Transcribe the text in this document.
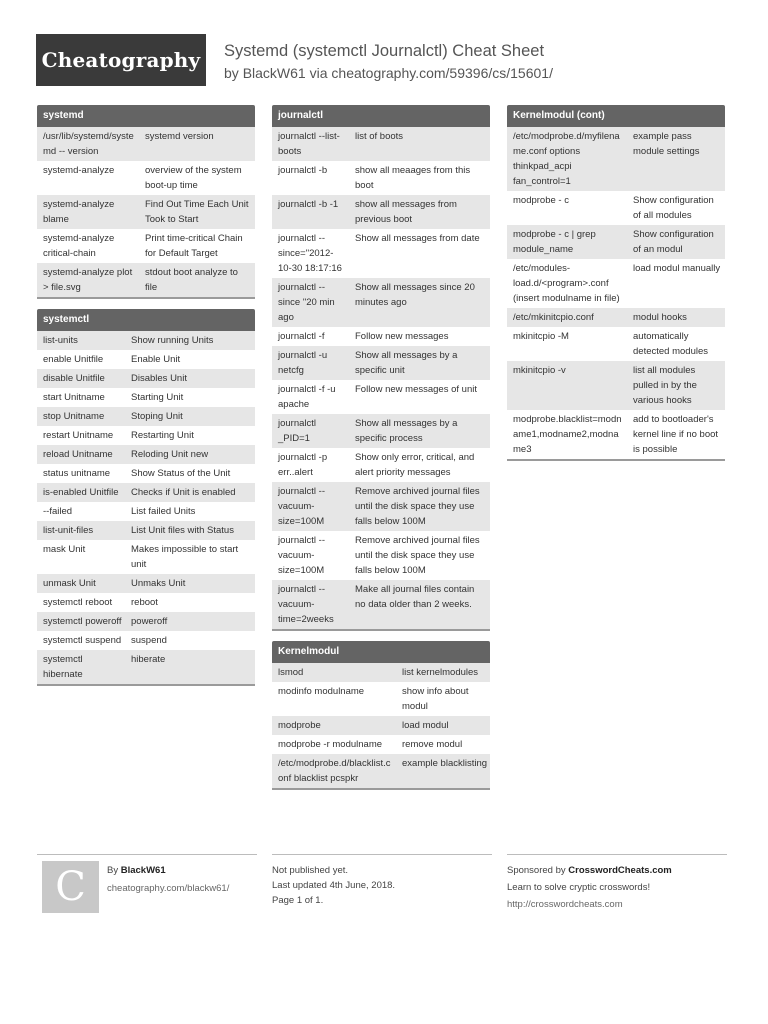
Cheatography	Systemd (systemctl Journalctl) Cheat Sheet
by BlackW61 via cheatography.com/59396/cs/15601/
systemd
/usr/lib/systemd/systemd -- version	systemd version
systemd-analyze	overview of the system boot-up time
systemd-analyze blame	Find Out Time Each Unit Took to Start
systemd-analyze critical-chain	Print time-critical Chain for Default Target
systemd-analyze plot > file.svg	stdout boot analyze to file
systemctl
list-units	Show running Units
enable Unitfile	Enable Unit
disable Unitfile	Disables Unit
start Unitname	Starting Unit
stop Unitname	Stoping Unit
restart Unitname	Restarting Unit
reload Unitname	Reloding Unit new
status unitname	Show Status of the Unit
is-enabled Unitfile	Checks if Unit is enabled
--failed	List failed Units
list-unit-files	List Unit files with Status
mask Unit	Makes impossible to start unit
unmask Unit	Unmaks Unit
systemctl reboot	reboot
systemctl poweroff	poweroff
systemctl suspend	suspend
systemctl hibernate	hiberate
journalctl
journalctl --list-boots	list of boots
journalctl -b	show all meaages from this boot
journalctl -b -1	show all messages from previous boot
journalctl --since="2012-10-30 18:17:16	Show all messages from date
journalctl --since "20 min ago	Show all messages since 20 minutes ago
journalctl -f	Follow new messages
journalctl -u netcfg	Show all messages by a specific unit
journalctl -f -u apache	Follow new messages of unit
journalctl _PID=1	Show all messages by a specific process
journalctl -p err..alert	Show only error, critical, and alert priority messages
journalctl --vacuum-size=100M	Remove archived journal files until the disk space they use falls below 100M
journalctl --vacuum-size=100M	Remove archived journal files until the disk space they use falls below 100M
journalctl --vacuum-time=2weeks	Make all journal files contain no data older than 2 weeks.
Kernelmodul
lsmod	list kernelmodules
modinfo modulname	show info about modul
modprobe	load modul
modprobe -r modulname	remove modul
/etc/modprobe.d/blacklist.conf blacklist pcspkr	example blacklisting
Kernelmodul (cont)
/etc/modprobe.d/myfilename.conf options thinkpad_acpi fan_control=1	example pass module settings
modprobe - c	Show configuration of all modules
modprobe - c | grep module_name	Show configuration of an modul
/etc/modules-load.d/<program>.conf (insert modulname in file)	load modul manually
/etc/mkinitcpio.conf	modul hooks
mkinitcpio -M	automatically detected modules
mkinitcpio -v	list all modules pulled in by the various hooks
modprobe.blacklist=modname1,modname2,modname3	add to bootloader's kernel line if no boot is possible
C	By BlackW61
cheatography.com/blackw61/
Not published yet.
Last updated 4th June, 2018.
Page 1 of 1.
Sponsored by CrosswordCheats.com
Learn to solve cryptic crosswords!
http://crosswordcheats.com
